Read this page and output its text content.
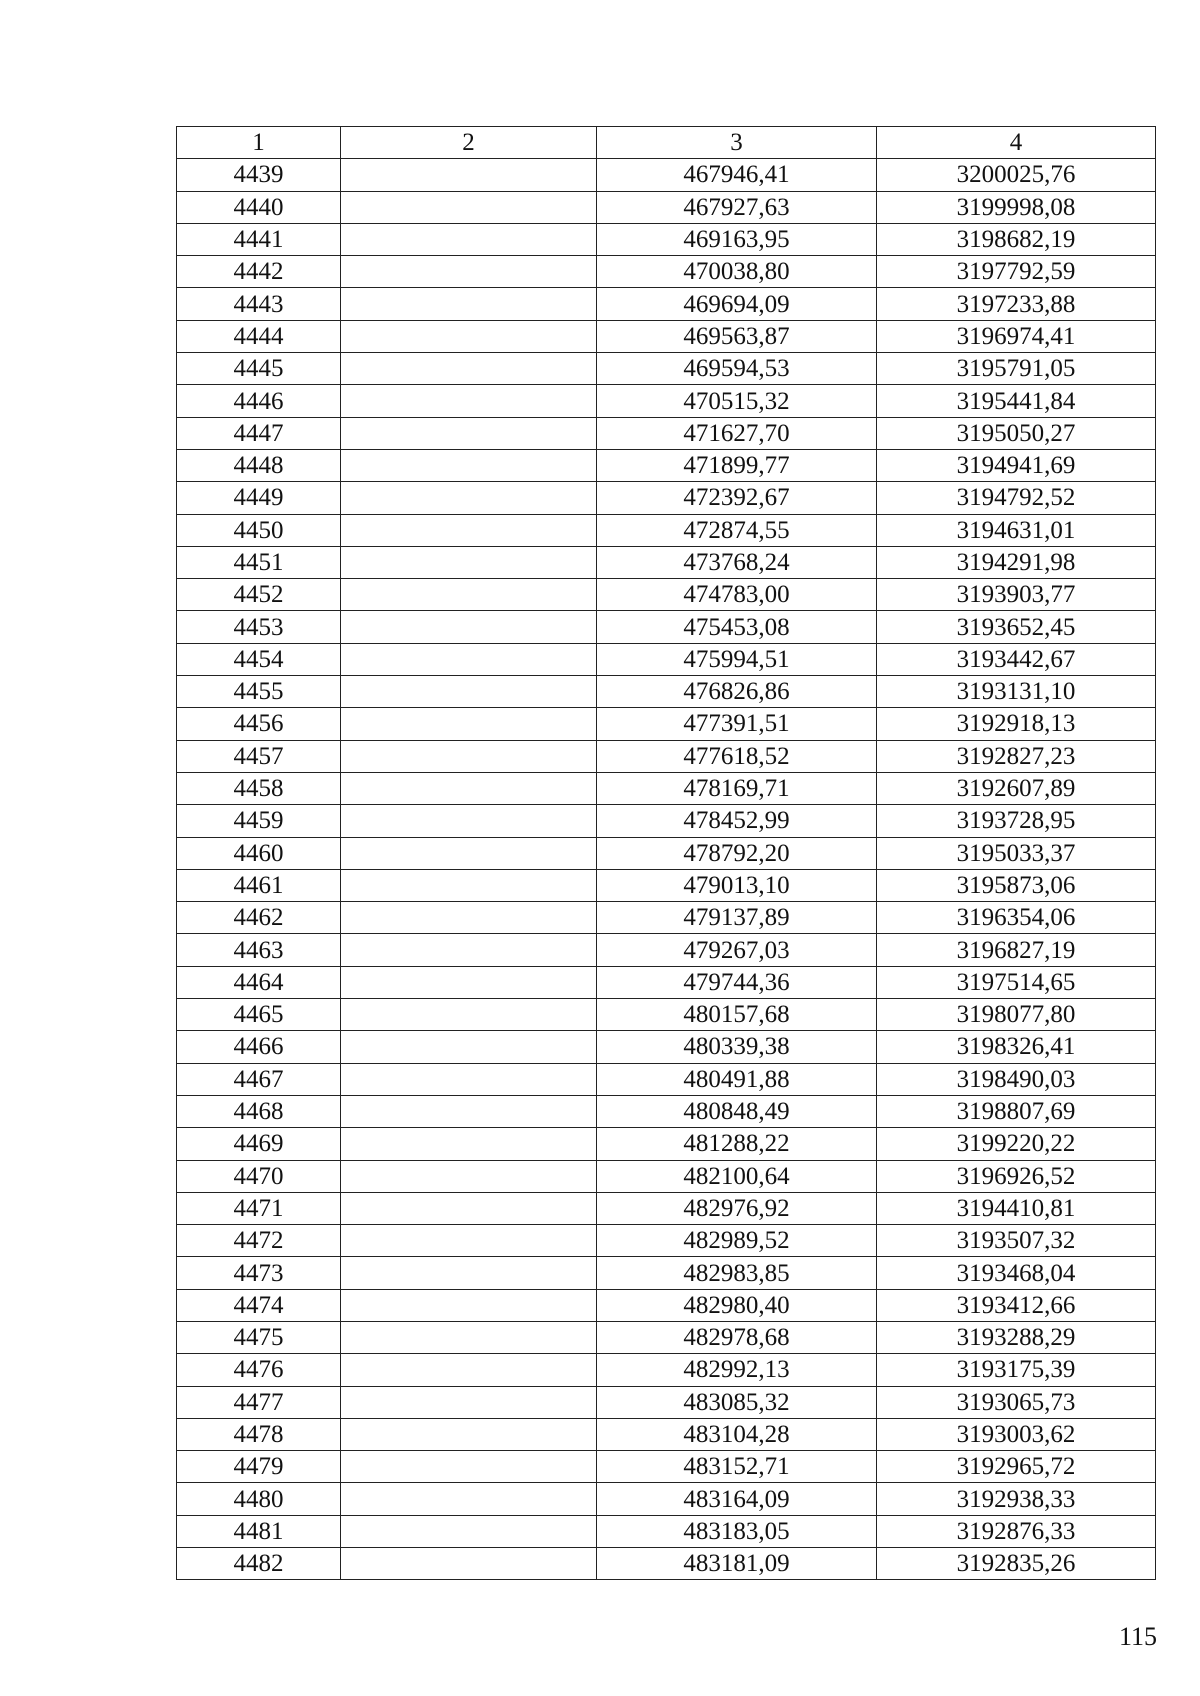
1	2	3	4
4439		467946,41	3200025,76
4440		467927,63	3199998,08
4441		469163,95	3198682,19
4442		470038,80	3197792,59
4443		469694,09	3197233,88
4444		469563,87	3196974,41
4445		469594,53	3195791,05
4446		470515,32	3195441,84
4447		471627,70	3195050,27
4448		471899,77	3194941,69
4449		472392,67	3194792,52
4450		472874,55	3194631,01
4451		473768,24	3194291,98
4452		474783,00	3193903,77
4453		475453,08	3193652,45
4454		475994,51	3193442,67
4455		476826,86	3193131,10
4456		477391,51	3192918,13
4457		477618,52	3192827,23
4458		478169,71	3192607,89
4459		478452,99	3193728,95
4460		478792,20	3195033,37
4461		479013,10	3195873,06
4462		479137,89	3196354,06
4463		479267,03	3196827,19
4464		479744,36	3197514,65
4465		480157,68	3198077,80
4466		480339,38	3198326,41
4467		480491,88	3198490,03
4468		480848,49	3198807,69
4469		481288,22	3199220,22
4470		482100,64	3196926,52
4471		482976,92	3194410,81
4472		482989,52	3193507,32
4473		482983,85	3193468,04
4474		482980,40	3193412,66
4475		482978,68	3193288,29
4476		482992,13	3193175,39
4477		483085,32	3193065,73
4478		483104,28	3193003,62
4479		483152,71	3192965,72
4480		483164,09	3192938,33
4481		483183,05	3192876,33
4482		483181,09	3192835,26
115
